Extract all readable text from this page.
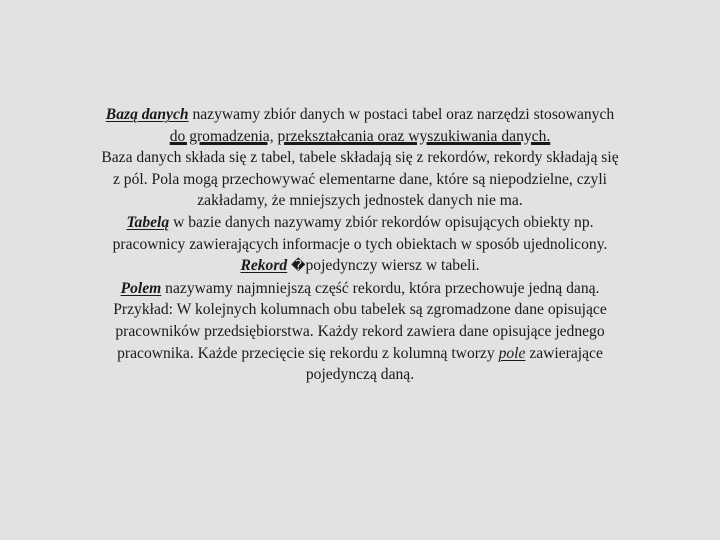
Bazą danych nazywamy zbiór danych w postaci tabel oraz narzędzi stosowanych
do gromadzenia, przekształcania oraz wyszukiwania danych.
Baza danych składa się z tabel, tabele składają się z rekordów, rekordy składają się
z pól. Pola mogą przechowywać elementarne dane, które są niepodzielne, czyli
zakładamy, że mniejszych jednostek danych nie ma.
Tabelą w bazie danych nazywamy zbiór rekordów opisujących obiekty np.
pracownicy zawierających informacje o tych obiektach w sposób ujednolicony.
Rekord �pojedynczy wiersz w tabeli.
Polem nazywamy najmniejszą część rekordu, która przechowuje jedną daną.
Przykład: W kolejnych kolumnach obu tabelek są zgromadzone dane opisujące
pracowników przedsiębiorstwa. Każdy rekord zawiera dane opisujące jednego
pracownika. Każde przecięcie się rekordu z kolumną tworzy pole zawierające
pojedynczą daną.
